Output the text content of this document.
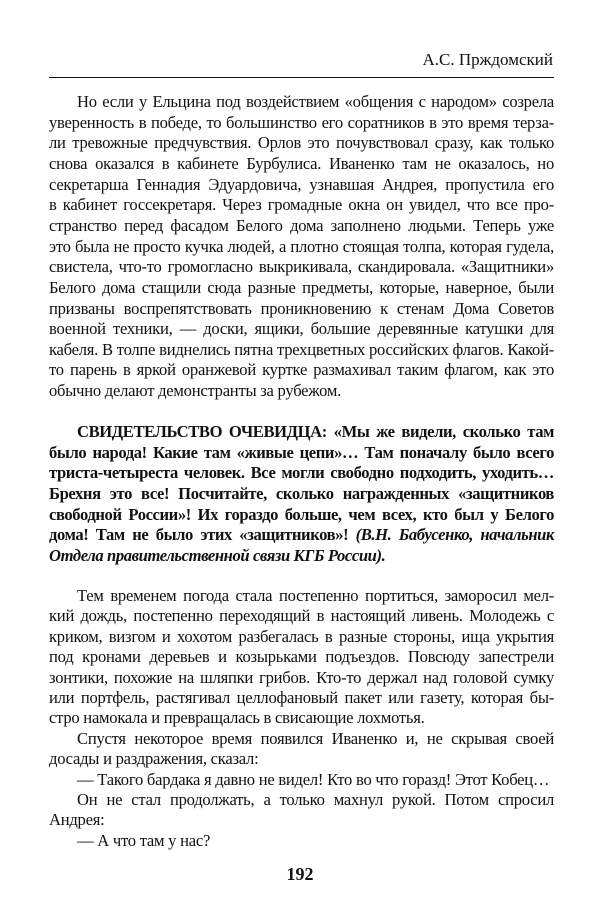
А.С. Прждомский
Но если у Ельцина под воздействием «общения с народом» созрела
уверенность в победе, то большинство его соратников в это время терза-
ли тревожные предчувствия. Орлов это почувствовал сразу, как только
снова оказался в кабинете Бурбулиса. Иваненко там не оказалось, но
секретарша Геннадия Эдуардовича, узнавшая Андрея, пропустила его
в кабинет госсекретаря. Через громадные окна он увидел, что все про-
странство перед фасадом Белого дома заполнено людьми. Теперь уже
это была не просто кучка людей, а плотно стоящая толпа, которая гудела,
свистела, что-то громогласно выкрикивала, скандировала. «Защитники»
Белого дома стащили сюда разные предметы, которые, наверное, были
призваны воспрепятствовать проникновению к стенам Дома Советов
военной техники, — доски, ящики, большие деревянные катушки для
кабеля. В толпе виднелись пятна трехцветных российских флагов. Какой-
то парень в яркой оранжевой куртке размахивал таким флагом, как это
обычно делают демонстранты за рубежом.
СВИДЕТЕЛЬСТВО ОЧЕВИДЦА: «Мы же видели, сколько там
было народа! Какие там «живые цепи»… Там поначалу было всего
триста-четыреста человек. Все могли свободно подходить, уходить…
Брехня это все! Посчитайте, сколько награжденных «защитников
свободной России»! Их гораздо больше, чем всех, кто был у Белого
дома! Там не было этих «защитников»! (В.Н. Бабусенко, начальник
Отдела правительственной связи КГБ России).
Тем временем погода стала постепенно портиться, заморосил мел-
кий дождь, постепенно переходящий в настоящий ливень. Молодежь с
криком, визгом и хохотом разбегалась в разные стороны, ища укрытия
под кронами деревьев и козырьками подъездов. Повсюду запестрели
зонтики, похожие на шляпки грибов. Кто-то держал над головой сумку
или портфель, растягивал целлофановый пакет или газету, которая бы-
стро намокала и превращалась в свисающие лохмотья.
Спустя некоторое время появился Иваненко и, не скрывая своей
досады и раздражения, сказал:
— Такого бардака я давно не видел! Кто во что горазд! Этот Кобец…
Он не стал продолжать, а только махнул рукой. Потом спросил
Андрея:
— А что там у нас?
192
